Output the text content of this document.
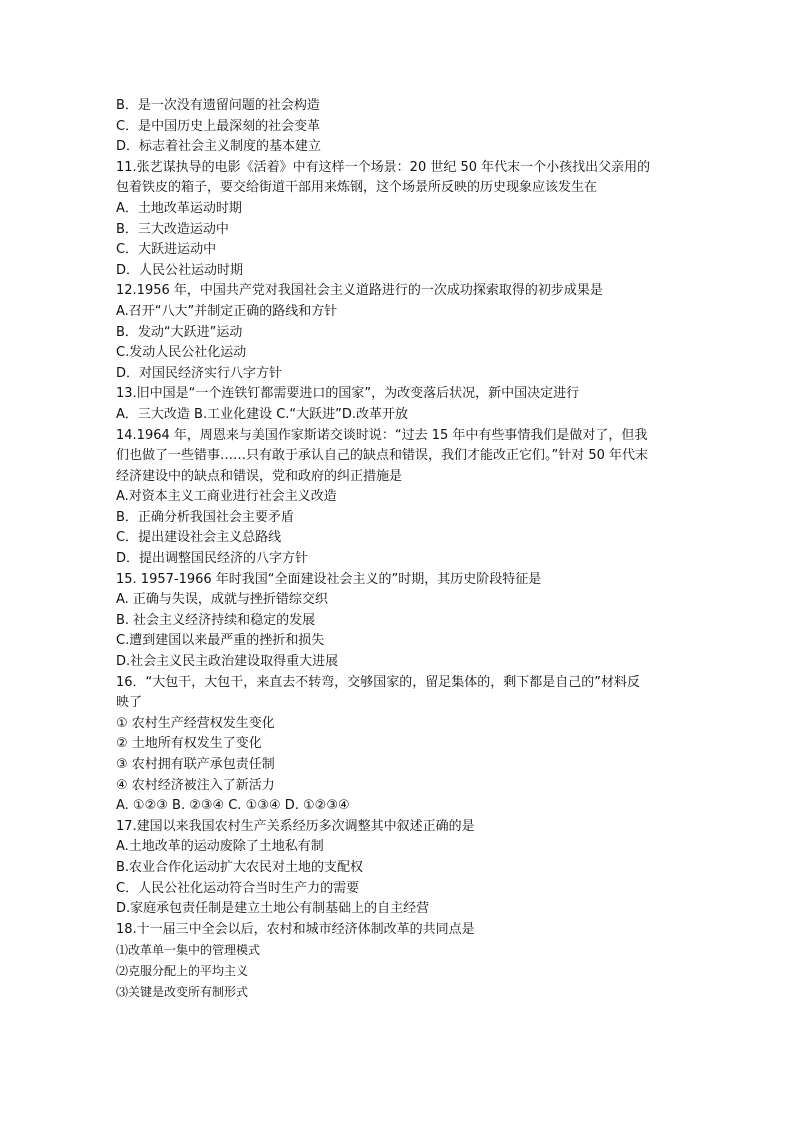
B．是一次没有遗留问题的社会构造
C．是中国历史上最深刻的社会变革
D．标志着社会主义制度的基本建立
11.张艺谋执导的电影《活着》中有这样一个场景：20 世纪 50 年代末一个小孩找出父亲用的
包着铁皮的箱子，要交给街道干部用来炼钢，这个场景所反映的历史现象应该发生在
A．土地改革运动时期
B．三大改造运动中
C．大跃进运动中
D．人民公社运动时期
12.1956 年，中国共产党对我国社会主义道路进行的一次成功探索取得的初步成果是
A.召开“八大”并制定正确的路线和方针
B．发动“大跃进”运动
C.发动人民公社化运动
D．对国民经济实行八字方针
13.旧中国是“一个连铁钉都需要进口的国家”，为改变落后状况，新中国决定进行
A．三大改造 B.工业化建设 C.“大跃进”D.改革开放
14.1964 年，周恩来与美国作家斯诺交谈时说：“过去 15 年中有些事情我们是做对了，但我
们也做了一些错事……只有敢于承认自己的缺点和错误，我们才能改正它们。”针对 50 年代末
经济建设中的缺点和错误，党和政府的纠正措施是
A.对资本主义工商业进行社会主义改造
B．正确分析我国社会主要矛盾
C．提出建设社会主义总路线
D．提出调整国民经济的八字方针
15. 1957-1966 年时我国“全面建设社会主义的”时期，其历史阶段特征是
A. 正确与失误，成就与挫折错综交织
B. 社会主义经济持续和稳定的发展
C.遭到建国以来最严重的挫折和损失
D.社会主义民主政治建设取得重大进展
16．“大包干，大包干，来直去不转弯，交够国家的，留足集体的，剩下都是自己的”材料反
映了
① 农村生产经营权发生变化
② 土地所有权发生了变化
③ 农村拥有联产承包责任制
④ 农村经济被注入了新活力
A. ①②③ B. ②③④ C. ①③④ D. ①②③④
17.建国以来我国农村生产关系经历多次调整其中叙述正确的是
A.土地改革的运动废除了土地私有制
B.农业合作化运动扩大农民对土地的支配权
C．人民公社化运动符合当时生产力的需要
D.家庭承包责任制是建立土地公有制基础上的自主经营
18.十一届三中全会以后，农村和城市经济体制改革的共同点是
⑴改革单一集中的管理模式
⑵克服分配上的平均主义
⑶关键是改变所有制形式
